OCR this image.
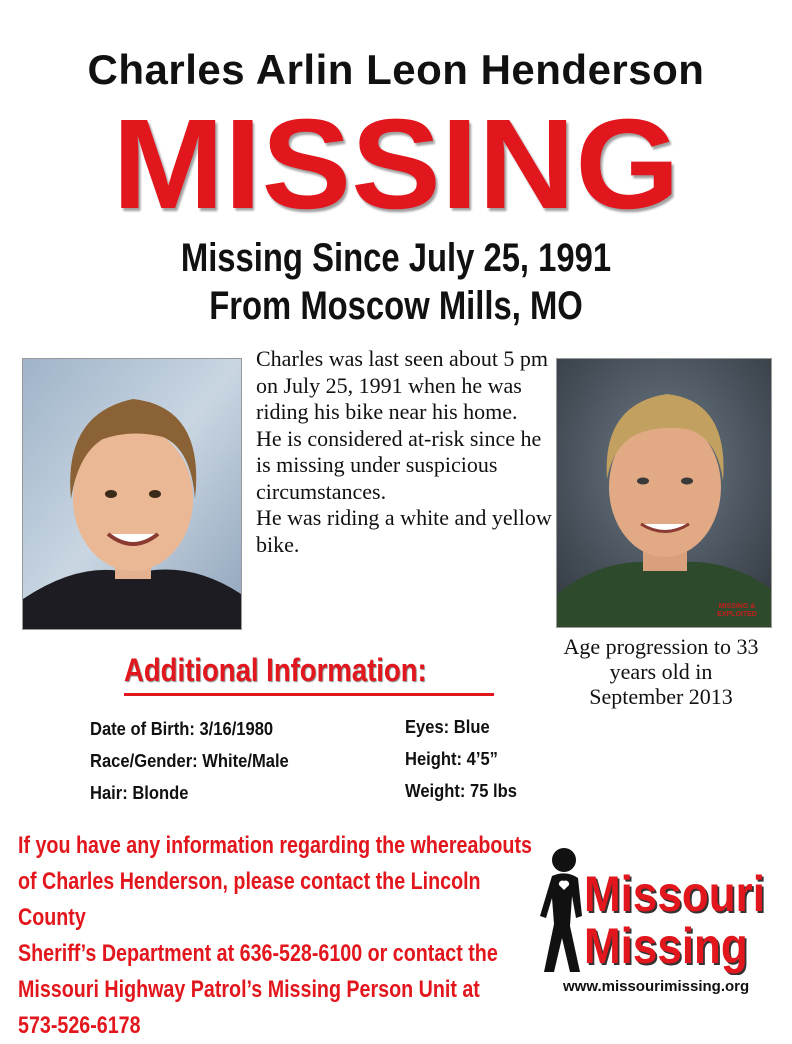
Charles Arlin Leon Henderson
MISSING
Missing Since July 25, 1991
From Moscow Mills, MO

Charles was last seen about 5 pm on July 25, 1991 when he was riding his bike near his home.

He is considered at-risk since he is missing under suspicious circumstances.

He was riding a white and yellow bike.

MISSING & EXPLOITED
Age progression to 33 years old in September 2013
Additional Information:
Date of Birth: 3/16/1980
Race/Gender: White/Male
Hair: Blonde
Eyes: Blue
Height: 4’5”
Weight: 75 lbs
If you have any information regarding the whereabouts
of Charles Henderson, please contact the Lincoln County
Sheriff’s Department at 636-528-6100 or contact the
Missouri Highway Patrol’s Missing Person Unit at
573-526-6178
Missouri
Missing
www.missourimissing.org
